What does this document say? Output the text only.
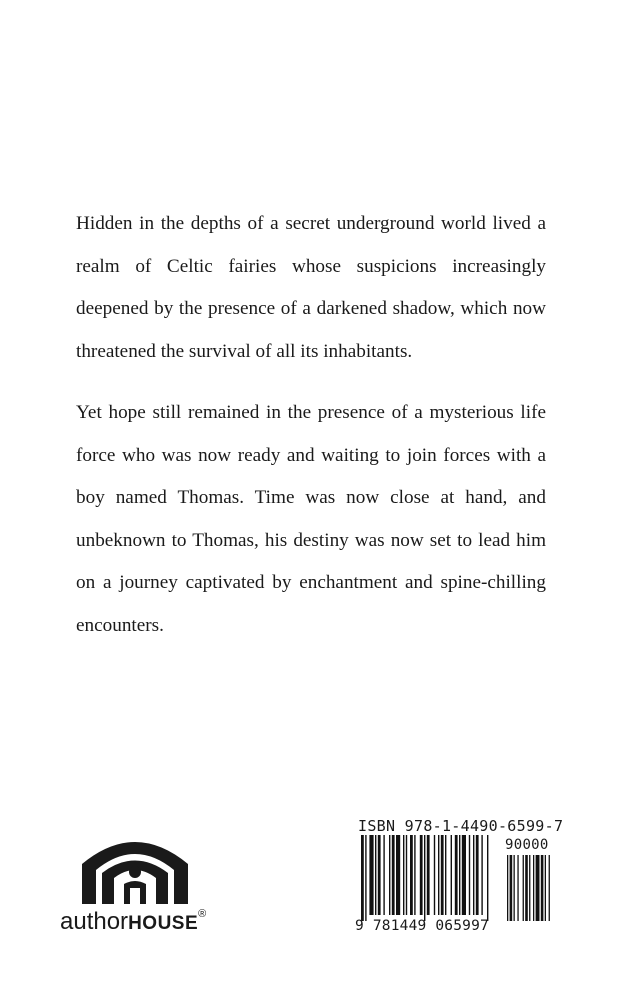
Hidden in the depths of a secret underground world lived a realm of Celtic fairies whose suspicions increasingly deepened by the presence of a darkened shadow, which now threatened the survival of all its inhabitants.

Yet hope still remained in the presence of a mysterious life force who was now ready and waiting to join forces with a boy named Thomas. Time was now close at hand, and unbeknown to Thomas, his destiny was now set to lead him on a journey captivated by enchantment and spine-chilling encounters.

authorHOUSE®
ISBN 978-1-4490-6599-7
90000
9 781449 065997
